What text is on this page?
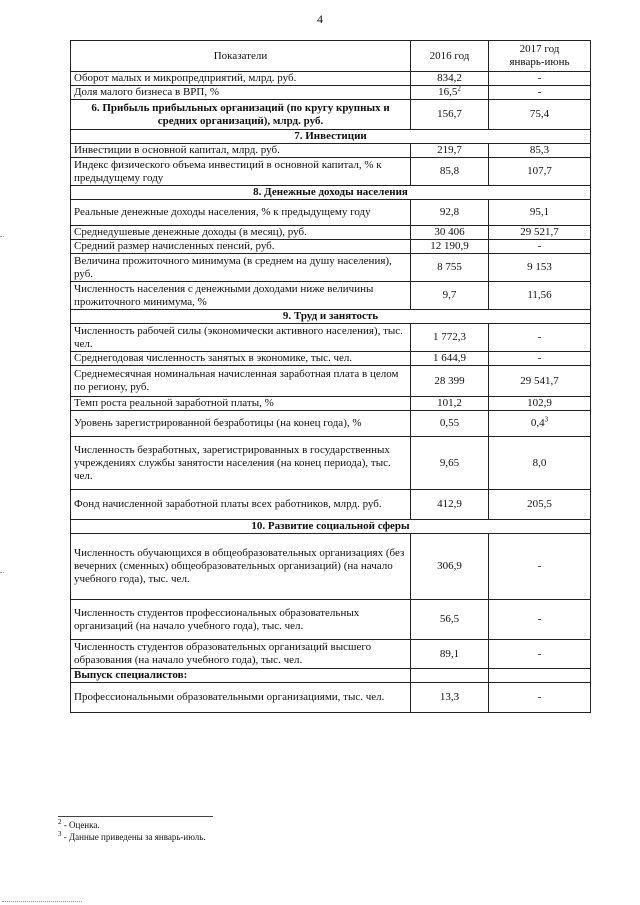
4
Показатели	2016 год	2017 год
январь-июнь

Оборот малых и микропредприятий, млрд. руб.	834,2	-
Доля малого бизнеса в ВРП, %	16,5$^2$	-
6. Прибыль прибыльных организаций (по кругу крупных и средних организаций), млрд. руб.	156,7	75,4
7. Инвестиции		
Инвестиции в основной капитал, млрд. руб.	219,7	85,3
Индекс физического объема инвестиций в основной капитал, % к предыдущему году	85,8	107,7
8. Денежные доходы населения		
Реальные денежные доходы населения, % к предыдущему году	92,8	95,1
Среднедушевые денежные доходы (в месяц), руб.	30 406	29 521,7
Средний размер начисленных пенсий, руб.	12 190,9	-
Величина прожиточного минимума (в среднем на душу населения), руб.	8 755	9 153
Численность населения с денежными доходами ниже величины прожиточного минимума, %	9,7	11,56
9. Труд и занятость		
Численность рабочей силы (экономически активного населения), тыс. чел.	1 772,3	-
Среднегодовая численность занятых в экономике, тыс. чел.	1 644,9	-
Среднемесячная номинальная начисленная заработная плата в целом по региону, руб.	28 399	29 541,7
Темп роста реальной заработной платы, %	101,2	102,9
Уровень зарегистрированной безработицы (на конец года), %	0,55	$0,4^3$
Численность безработных, зарегистрированных в государственных учреждениях службы занятости населения (на конец периода), тыс. чел.	9,65	8,0
Фонд начисленной заработной платы всех работников, млрд. руб.	412,9	205,5
10. Развитие социальной сферы		
Численность обучающихся в общеобразовательных организациях (без вечерних (сменных) общеобразовательных организаций) (на начало учебного года), тыс. чел.	306,9	-
Численность студентов профессиональных образовательных организаций (на начало учебного года), тыс. чел.	56,5	-
Численность студентов образовательных организаций высшего образования (на начало учебного года), тыс. чел.	89,1	-
Выпуск специалистов:		
Профессиональными образовательными организациями, тыс. чел.	13,3	-
$^2$ - Оценка.
$^3$ - Данные приведены за январь-июль.
